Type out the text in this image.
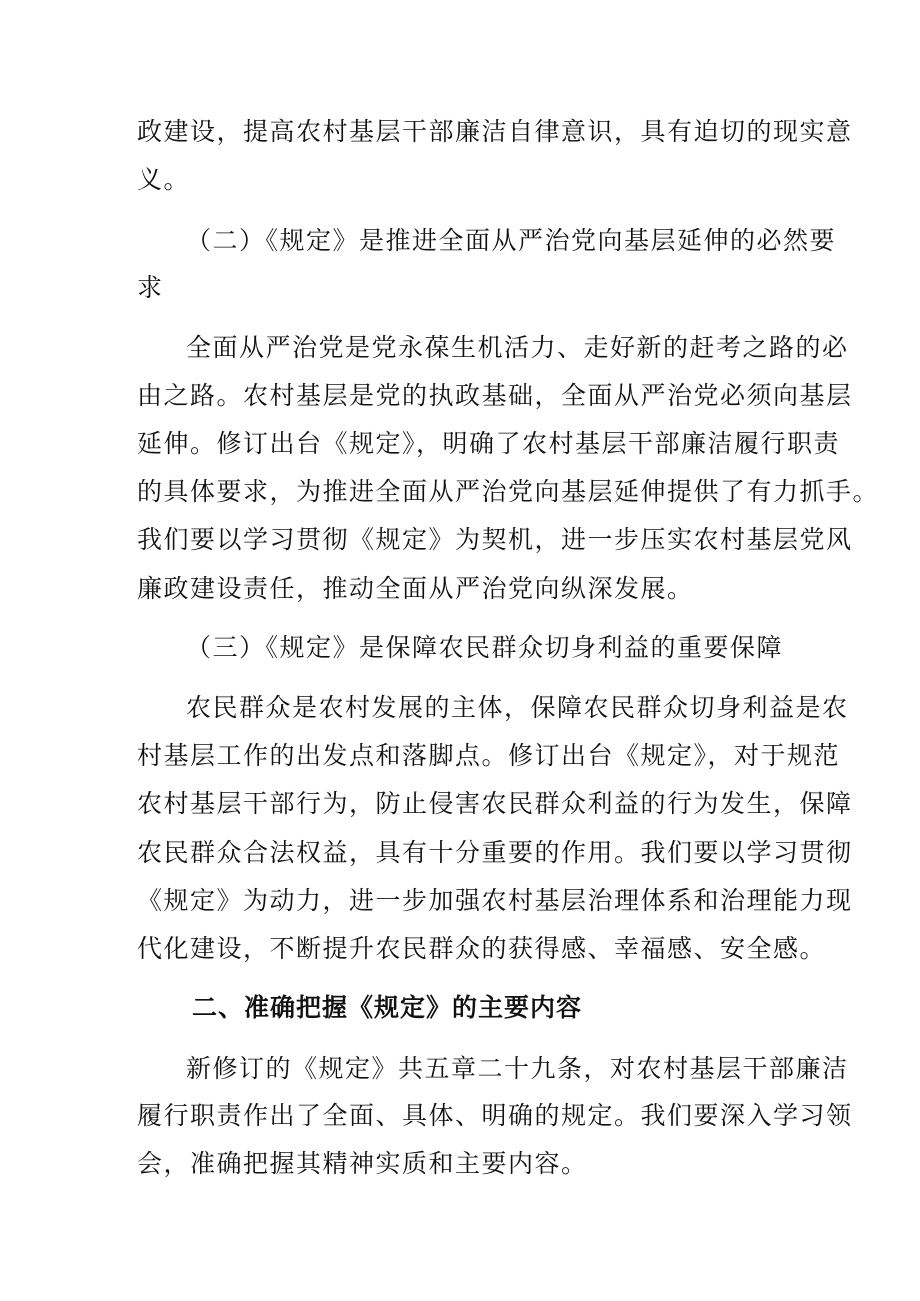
政建设，提高农村基层干部廉洁自律意识，具有迫切的现实意
义。
（二）《规定》是推进全面从严治党向基层延伸的必然要
求
全面从严治党是党永葆生机活力、走好新的赶考之路的必
由之路。农村基层是党的执政基础，全面从严治党必须向基层
延伸。修订出台《规定》，明确了农村基层干部廉洁履行职责
的具体要求，为推进全面从严治党向基层延伸提供了有力抓手。
我们要以学习贯彻《规定》为契机，进一步压实农村基层党风
廉政建设责任，推动全面从严治党向纵深发展。
（三）《规定》是保障农民群众切身利益的重要保障
农民群众是农村发展的主体，保障农民群众切身利益是农
村基层工作的出发点和落脚点。修订出台《规定》，对于规范
农村基层干部行为，防止侵害农民群众利益的行为发生，保障
农民群众合法权益，具有十分重要的作用。我们要以学习贯彻
《规定》为动力，进一步加强农村基层治理体系和治理能力现
代化建设，不断提升农民群众的获得感、幸福感、安全感。
二、准确把握《规定》的主要内容
新修订的《规定》共五章二十九条，对农村基层干部廉洁
履行职责作出了全面、具体、明确的规定。我们要深入学习领
会，准确把握其精神实质和主要内容。
